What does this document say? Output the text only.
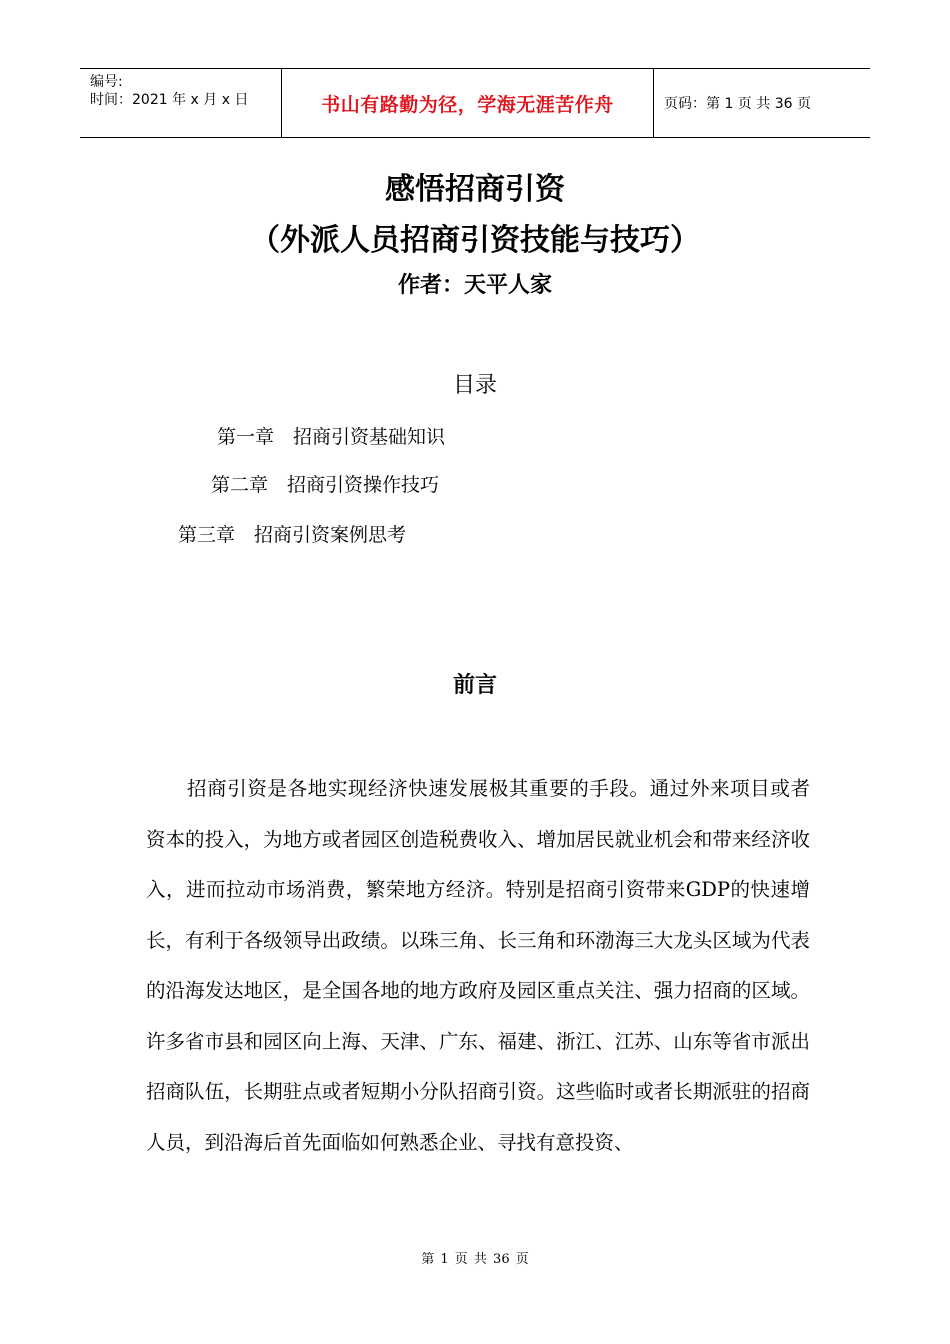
编号:
时间：2021 年 x 月 x 日	书山有路勤为径，学海无涯苦作舟	页码：第 1 页 共 36 页
感悟招商引资
（外派人员招商引资技能与技巧）
作者：天平人家
目录
第一章　招商引资基础知识
第二章　招商引资操作技巧
第三章　招商引资案例思考
前言
招商引资是各地实现经济快速发展极其重要的手段。通过外来项目或者资本的投入，为地方或者园区创造税费收入、增加居民就业机会和带来经济收入，进而拉动市场消费，繁荣地方经济。特别是招商引资带来GDP的快速增长，有利于各级领导出政绩。以珠三角、长三角和环渤海三大龙头区域为代表的沿海发达地区，是全国各地的地方政府及园区重点关注、强力招商的区域。许多省市县和园区向上海、天津、广东、福建、浙江、江苏、山东等省市派出招商队伍，长期驻点或者短期小分队招商引资。这些临时或者长期派驻的招商人员，到沿海后首先面临如何熟悉企业、寻找有意投资、
第 1 页 共 36 页
